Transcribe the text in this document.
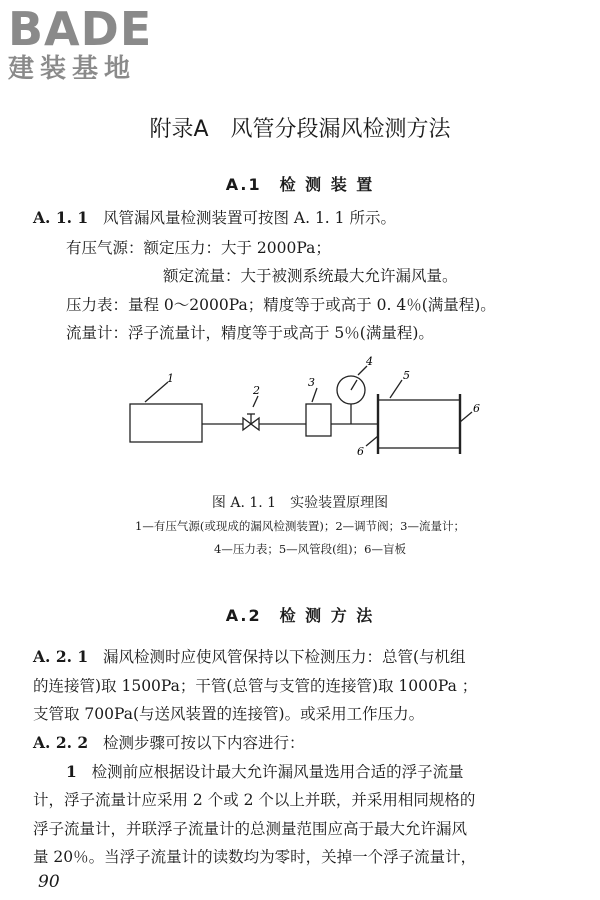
BADE
建装基地
附录A　风管分段漏风检测方法
A.1　检 测 装 置
A. 1. 1 风管漏风量检测装置可按图 A. 1. 1 所示。
有压气源：额定压力：大于 2000Pa；
额定流量：大于被测系统最大允许漏风量。
压力表：量程 0～2000Pa；精度等于或高于 0. 4％(满量程)。
流量计：浮子流量计，精度等于或高于 5％(满量程)。
1
2
3
4
5
6
6
图 A. 1. 1　实验装置原理图
1—有压气源(或现成的漏风检测装置)；2—调节阀；3—流量计；
4—压力表；5—风管段(组)；6—盲板
A.2　检 测 方 法
A. 2. 1 漏风检测时应使风管保持以下检测压力：总管(与机组
的连接管)取 1500Pa；干管(总管与支管的连接管)取 1000Pa ；
支管取 700Pa(与送风装置的连接管)。或采用工作压力。
A. 2. 2 检测步骤可按以下内容进行：
1 检测前应根据设计最大允许漏风量选用合适的浮子流量
计，浮子流量计应采用 2 个或 2 个以上并联，并采用相同规格的
浮子流量计，并联浮子流量计的总测量范围应高于最大允许漏风
量 20％。当浮子流量计的读数均为零时，关掉一个浮子流量计，
90
